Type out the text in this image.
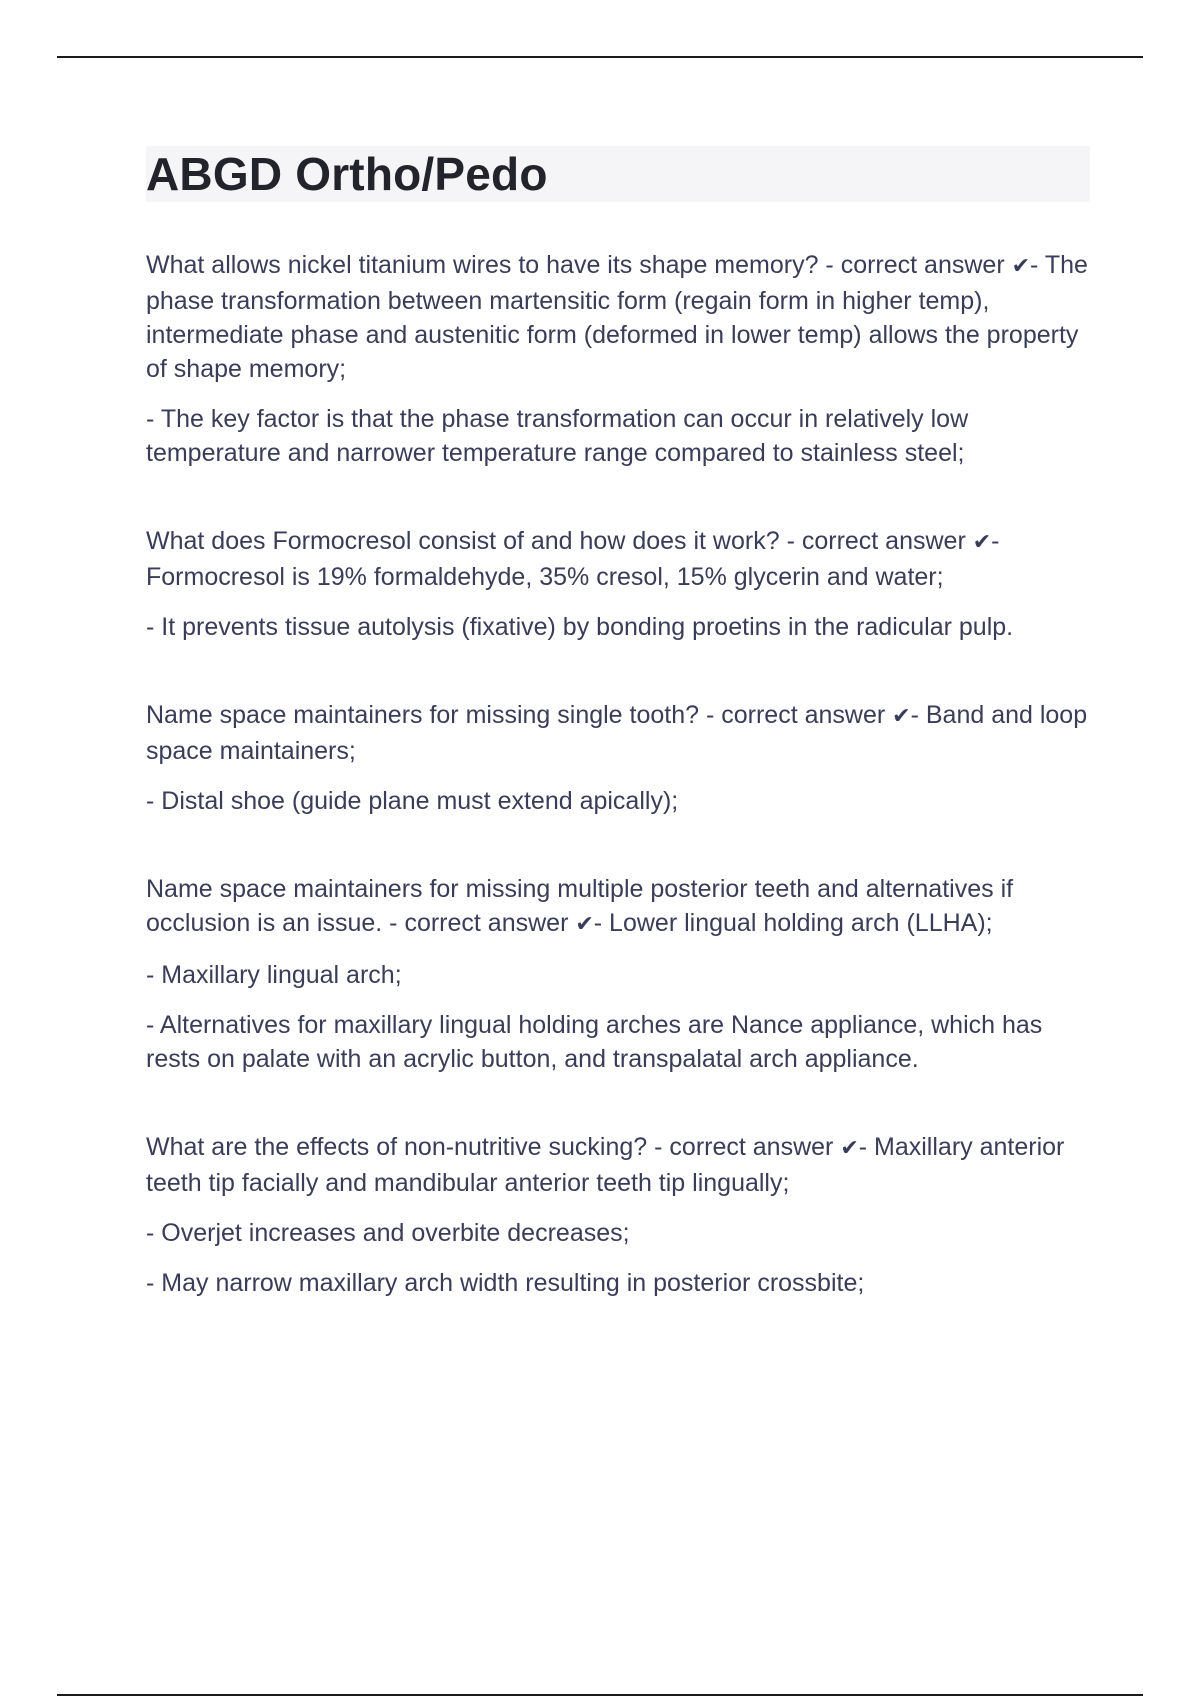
ABGD Ortho/Pedo

What allows nickel titanium wires to have its shape memory? - correct answer ✔- The phase transformation between martensitic form (regain form in higher temp), intermediate phase and austenitic form (deformed in lower temp) allows the property of shape memory;

- The key factor is that the phase transformation can occur in relatively low temperature and narrower temperature range compared to stainless steel;

What does Formocresol consist of and how does it work? - correct answer ✔- Formocresol is 19% formaldehyde, 35% cresol, 15% glycerin and water;

- It prevents tissue autolysis (fixative) by bonding proetins in the radicular pulp.

Name space maintainers for missing single tooth? - correct answer ✔- Band and loop space maintainers;

- Distal shoe (guide plane must extend apically);

Name space maintainers for missing multiple posterior teeth and alternatives if occlusion is an issue. - correct answer ✔- Lower lingual holding arch (LLHA);

- Maxillary lingual arch;

- Alternatives for maxillary lingual holding arches are Nance appliance, which has rests on palate with an acrylic button, and transpalatal arch appliance.

What are the effects of non-nutritive sucking? - correct answer ✔- Maxillary anterior teeth tip facially and mandibular anterior teeth tip lingually;

- Overjet increases and overbite decreases;

- May narrow maxillary arch width resulting in posterior crossbite;
